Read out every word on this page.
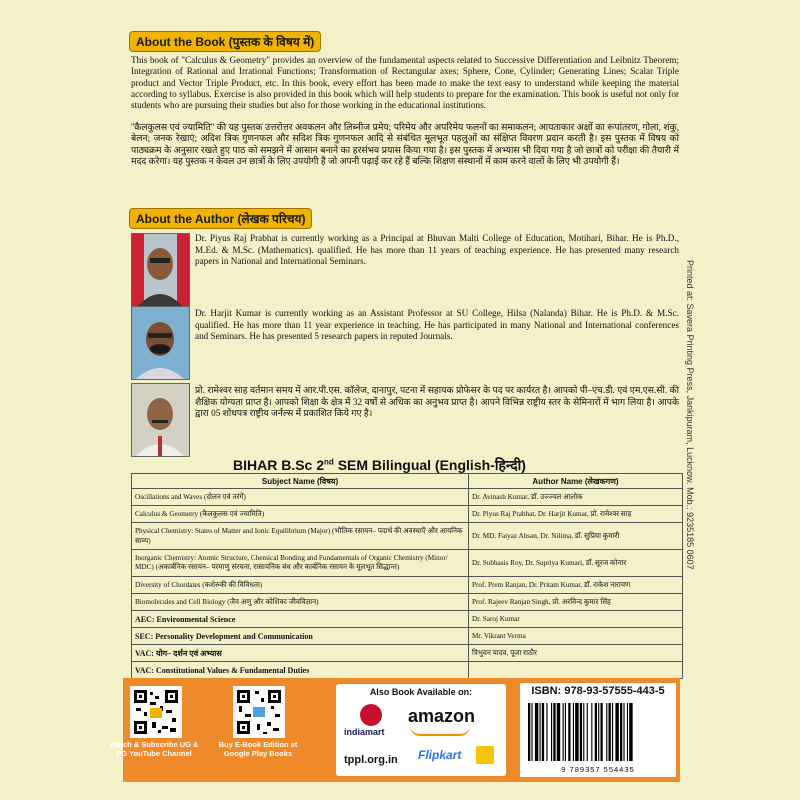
About the Book (पुस्तक के विषय में)
This book of "Calculus & Geometry" provides an overview of the fundamental aspects related to Successive Differentiation and Leibnitz Theorem; Integration of Rational and Irrational Functions; Transformation of Rectangular axes; Sphere, Cone, Cylinder; Generating Lines; Scalar Triple product and Vector Triple Product, etc. In this book, every effort has been made to make the text easy to understand while keeping the material according to syllabus. Exercise is also provided in this book which will help students to prepare for the examination. This book is useful not only for students who are pursuing their studies but also for those working in the educational institutions.
''कैलकुलस एवं ज्यामिति'' की यह पुस्तक उत्तरोत्तर अवकलन और लिब्नीज प्रमेय; परिमेय और अपरिमेय फलनों का समाकलन; आयताकार अक्षों का रूपांतरण, गोला, शंकु, बेलन; जनक रेखाएं; अदिश त्रिक गुणनफल और सदिश त्रिक गुणनफल आदि से संबंधित मूलभूत पहलुओं का संक्षिप्त विवरण प्रदान करती है। इस पुस्तक में विषय को पाठ्यक्रम के अनुसार रखते हुए पाठ को समझने में आसान बनाने का हरसंभव प्रयास किया गया है। इस पुस्तक में अभ्यास भी दिया गया है जो छात्रों को परीक्षा की तैयारी में मदद करेगा। यह पुस्तक न केवल उन छात्रों के लिए उपयोगी है जो अपनी पढ़ाई कर रहे हैं बल्कि शिक्षण संस्थानों में काम करने वालों के लिए भी उपयोगी हैं।
About the Author (लेखक परिचय)
Dr. Piyus Raj Prabhat is currently working as a Principal at Bhuvan Malti College of Education, Motihari, Bihar. He is Ph.D., M.Ed. & M.Sc. (Mathematics). qualified. He has more than 11 years of teaching experience. He has presented many research papers in National and International Seminars.
Dr. Harjit Kumar is currently working as an Assistant Professor at SU College, Hilsa (Nalanda) Bihar. He is Ph.D. & M.Sc. qualified. He has more than 11 year experience in teaching. He has participated in many National and International conferences and Seminars. He has presented 5 research papers in reputed Journals.
प्रो. रामेश्वर साह वर्तमान समय में आर.पी.एस. कॉलेज, दानापुर, पटना में सहायक प्रोफेसर के पद पर कार्यरत है। आपको पी–एच.डी. एवं एम.एस.सी. की शैक्षिक योग्यता प्राप्त है। आपको शिक्षा के क्षेत्र में 32 वर्षो से अधिक का अनुभव प्राप्त है। आपने विभिन्न राष्ट्रीय स्तर के सेमिनारों में भाग लिया है। आपके द्वारा 05 शोधपत्र राष्ट्रीय जर्नल्स में प्रकाशित किये गए है।
BIHAR B.Sc 2nd SEM Bilingual (English-हिन्दी)
Subject Name (विषय)	Author Name (लेखकगण)
Oscillations and Waves (दोलन एवं तरंगें)	Dr. Avinash Kumar, डॉ. उज्ज्वल आलोक
Calculus & Geometry (कैलकुलस एवं ज्यामिति)	Dr. Piyus Raj Prabhat, Dr. Harjit Kumar, प्रो. रामेश्वर साह
Physical Chemistry: States of Matter and Ionic Equilibrium (Major) (भौतिक रसायन– पदार्थ की अवस्थाएँ और आयनिक साम्य)	Dr. MD. Faiyaz Ahsan, Dr. Nilima, डॉ. सुप्रिया कुमारी
Inorganic Chemistry: Atomic Structure, Chemical Bonding and Fundamentals of Organic Chemistry (Minor/ MDC) (अकार्बनिक रसायन– परमाणु संरचना, रासायनिक बंध और कार्बनिक रसायन के मूलभूत सिद्धान्त)	Dr. Subhasis Roy, Dr. Supriya Kumari, डॉ. सूरज कोनार
Diversity of Chordates (कशेरुकी की विविधता)	Prof. Prem Ranjan, Dr. Pritam Kumar, डॉ. राकेश नारायण
Biomolecules and Cell Biology (जैव अणु और कोशिका जीवविज्ञान)	Prof. Rajeev Ranjan Singh, प्रो. अरविन्द कुमार सिंह
AEC: Environmental Science	Dr. Saroj Kumar
SEC: Personality Development and Communication	Mr. Vikrant Verma
VAC: योग– दर्शन एवं अभ्यास	त्रिभुवन यादव, पूजा राठौर
VAC: Constitutional Values & Fundamental Duties	
Printed at: Savera Printing Press, Jankipuram, Lucknow. Mob.: 9235185 0607
Watch & Subscribe UG & PG YouTube Channel
Buy E-Book Edition at Google Play Books
Also Book Available on:
indiamart
amazon
tppl.org.in Flipkart
ISBN: 978-93-57555-443-5
9 789357 554435
